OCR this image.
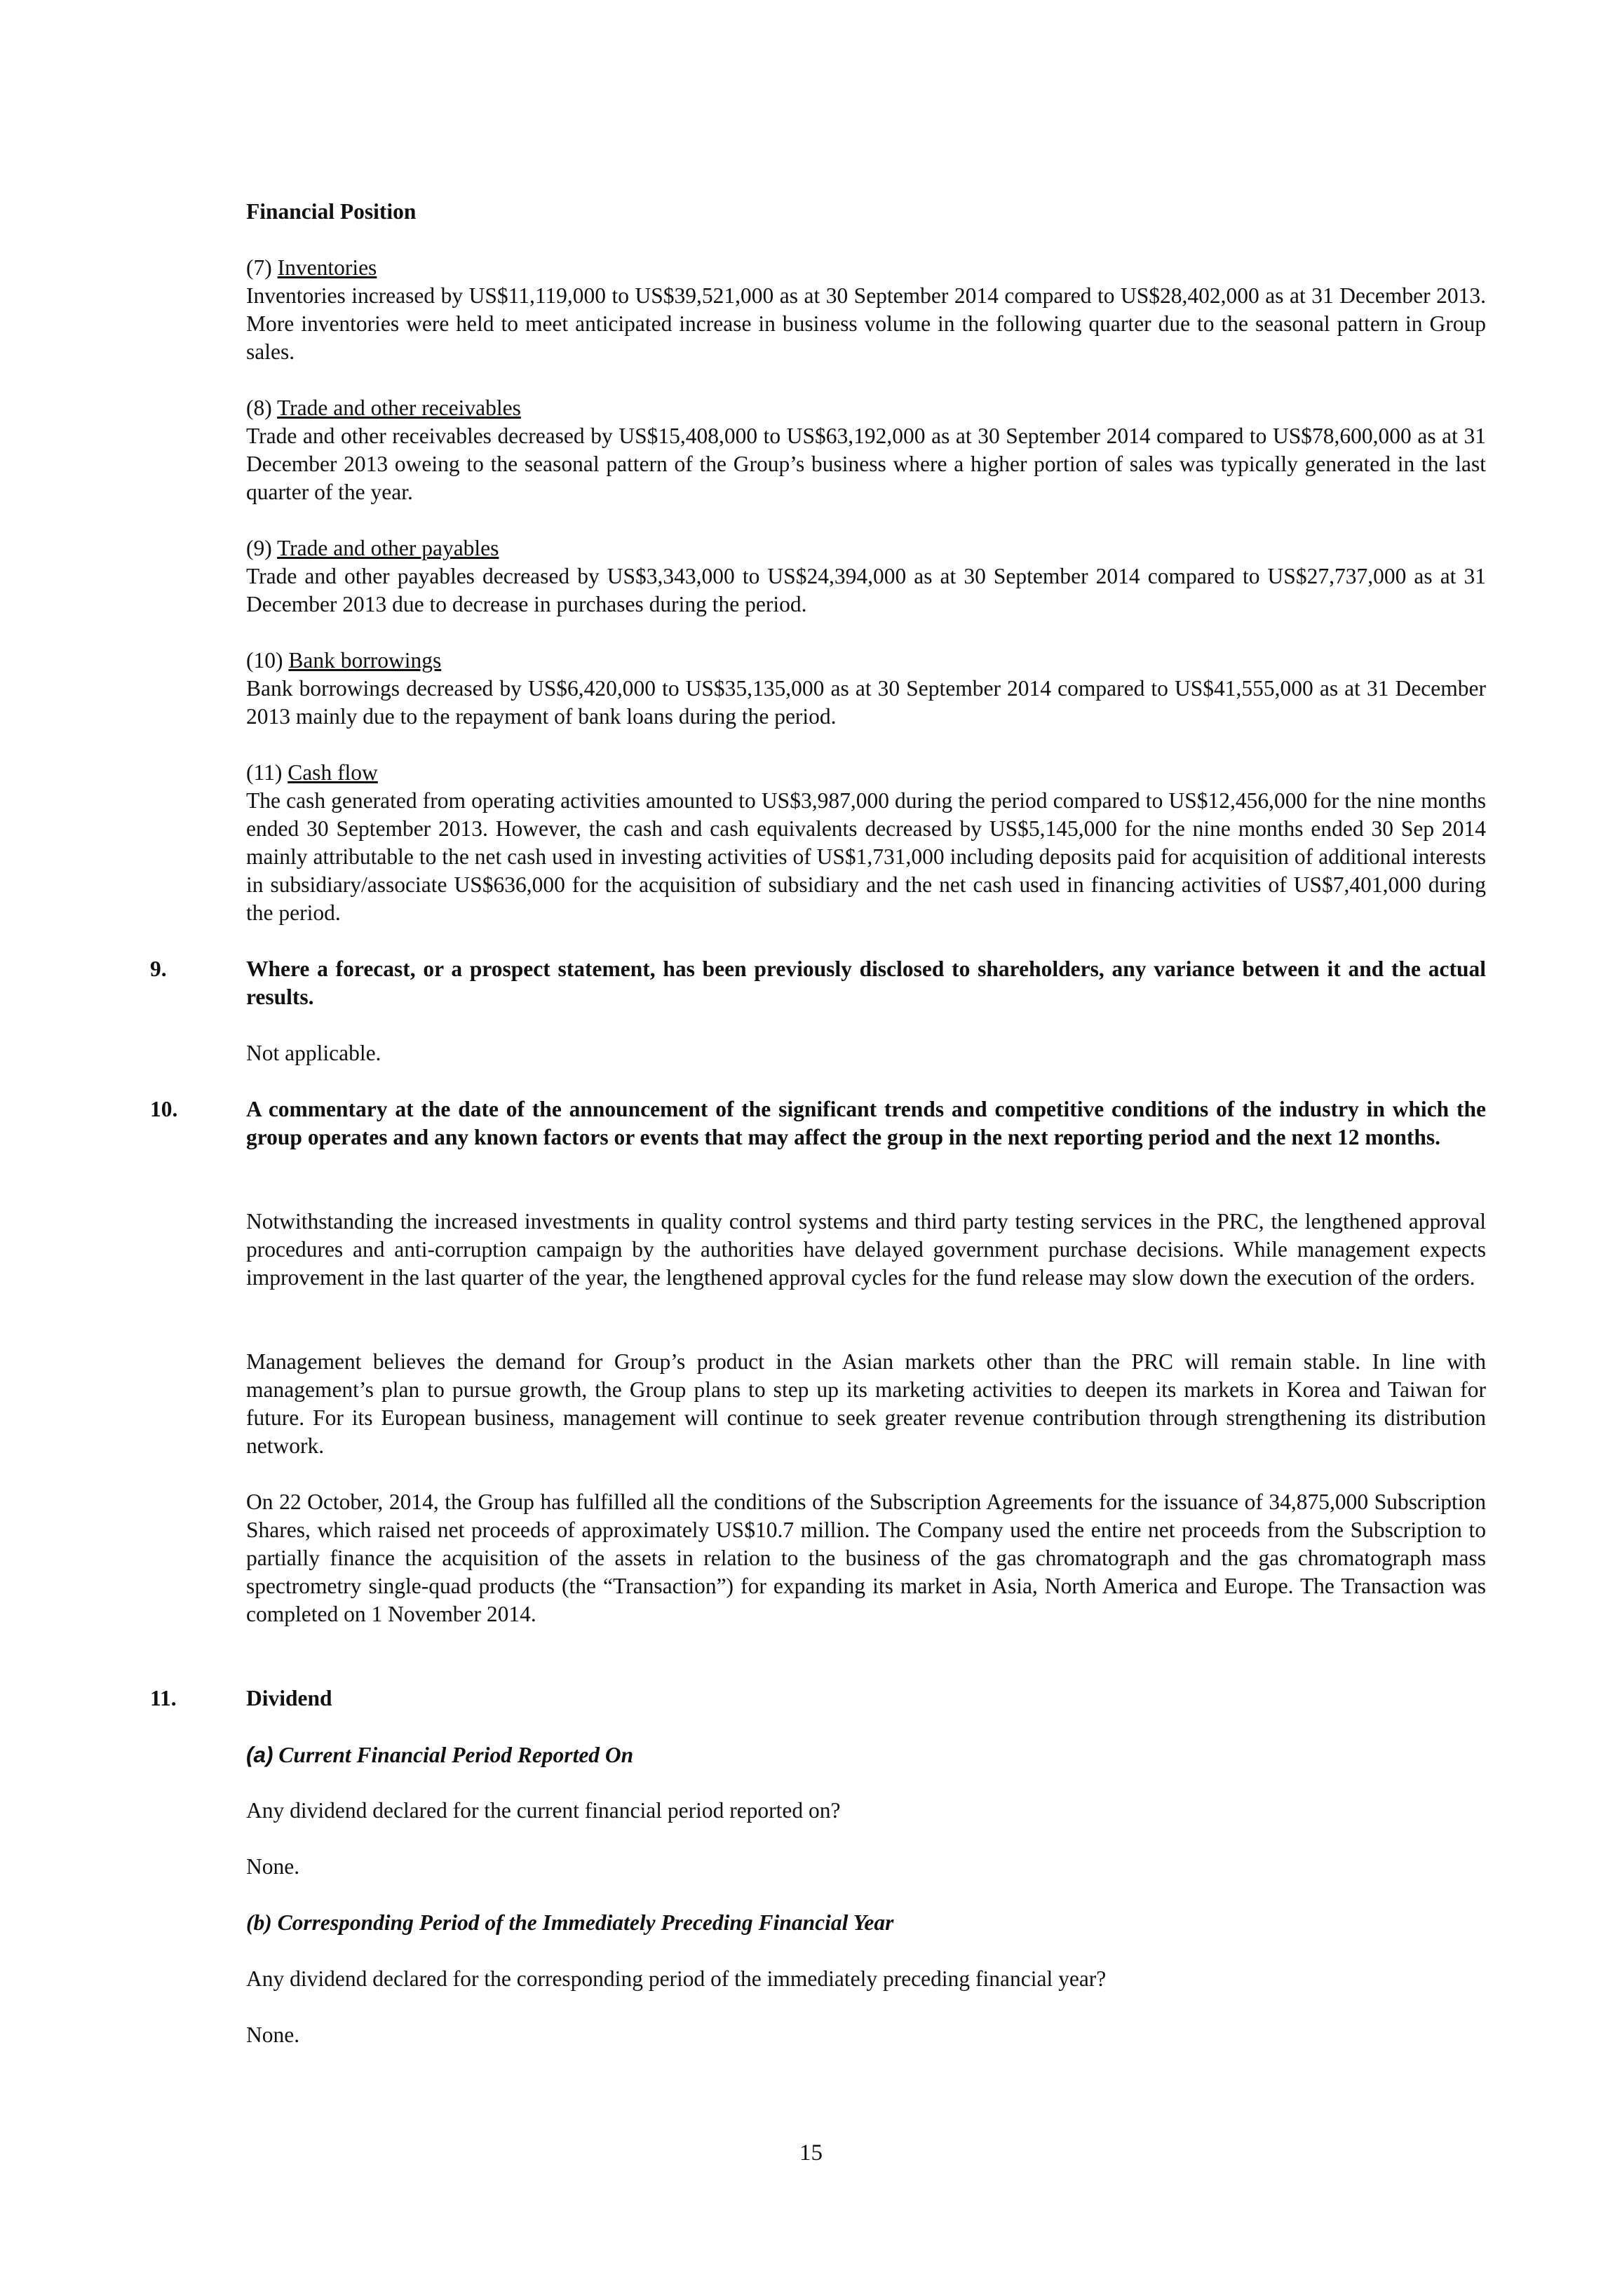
Financial Position

(7) Inventories

Inventories increased by US$11,119,000 to US$39,521,000 as at 30 September 2014 compared to US$28,402,000 as at 31 December 2013. More inventories were held to meet anticipated increase in business volume in the following quarter due to the seasonal pattern in Group sales.

(8) Trade and other receivables

Trade and other receivables decreased by US$15,408,000 to US$63,192,000 as at 30 September 2014 compared to US$78,600,000 as at 31 December 2013 oweing to the seasonal pattern of the Group’s business where a higher portion of sales was typically generated in the last quarter of the year.

(9) Trade and other payables

Trade and other payables decreased by US$3,343,000 to US$24,394,000 as at 30 September 2014 compared to US$27,737,000 as at 31 December 2013 due to decrease in purchases during the period.

(10) Bank borrowings

Bank borrowings decreased by US$6,420,000 to US$35,135,000 as at 30 September 2014 compared to US$41,555,000 as at 31 December 2013 mainly due to the repayment of bank loans during the period.

(11) Cash flow

The cash generated from operating activities amounted to US$3,987,000 during the period compared to US$12,456,000 for the nine months ended 30 September 2013. However, the cash and cash equivalents decreased by US$5,145,000 for the nine months ended 30 Sep 2014 mainly attributable to the net cash used in investing activities of US$1,731,000 including deposits paid for acquisition of additional interests in subsidiary/associate US$636,000 for the acquisition of subsidiary and the net cash used in financing activities of US$7,401,000 during the period.

9.	Where a forecast, or a prospect statement, has been previously disclosed to shareholders, any variance between it and the actual results.

Not applicable.

10.	A commentary at the date of the announcement of the significant trends and competitive conditions of the industry in which the group operates and any known factors or events that may affect the group in the next reporting period and the next 12 months.

Notwithstanding the increased investments in quality control systems and third party testing services in the PRC, the lengthened approval procedures and anti-corruption campaign by the authorities have delayed government purchase decisions. While management expects improvement in the last quarter of the year, the lengthened approval cycles for the fund release may slow down the execution of the orders.

Management believes the demand for Group’s product in the Asian markets other than the PRC will remain stable. In line with management’s plan to pursue growth, the Group plans to step up its marketing activities to deepen its markets in Korea and Taiwan for future. For its European business, management will continue to seek greater revenue contribution through strengthening its distribution network.

On 22 October, 2014, the Group has fulfilled all the conditions of the Subscription Agreements for the issuance of 34,875,000 Subscription Shares, which raised net proceeds of approximately US$10.7 million. The Company used the entire net proceeds from the Subscription to partially finance the acquisition of the assets in relation to the business of the gas chromatograph and the gas chromatograph mass spectrometry single-quad products (the “Transaction”) for expanding its market in Asia, North America and Europe. The Transaction was completed on 1 November 2014.

11.	Dividend

(a) Current Financial Period Reported On

Any dividend declared for the current financial period reported on?

None.

(b) Corresponding Period of the Immediately Preceding Financial Year

Any dividend declared for the corresponding period of the immediately preceding financial year?

None.

15
